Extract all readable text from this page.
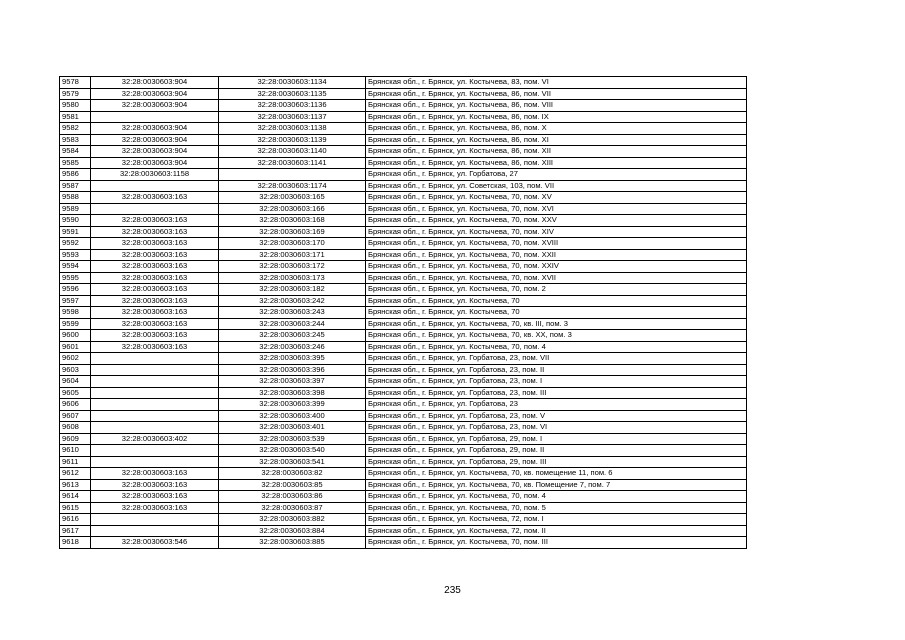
9578	32:28:0030603:904	32:28:0030603:1134	Брянская обл., г. Брянск, ул. Костычева, 83, пом. VI
9579	32:28:0030603:904	32:28:0030603:1135	Брянская обл., г. Брянск, ул. Костычева, 86, пом. VII
9580	32:28:0030603:904	32:28:0030603:1136	Брянская обл., г. Брянск, ул. Костычева, 86, пом. VIII
9581		32:28:0030603:1137	Брянская обл., г. Брянск, ул. Костычева, 86, пом. IX
9582	32:28:0030603:904	32:28:0030603:1138	Брянская обл., г. Брянск, ул. Костычева, 86, пом. X
9583	32:28:0030603:904	32:28:0030603:1139	Брянская обл., г. Брянск, ул. Костычева, 86, пом. XI
9584	32:28:0030603:904	32:28:0030603:1140	Брянская обл., г. Брянск, ул. Костычева, 86, пом. XII
9585	32:28:0030603:904	32:28:0030603:1141	Брянская обл., г. Брянск, ул. Костычева, 86, пом. XIII
9586	32:28:0030603:1158		Брянская обл., г. Брянск, ул. Горбатова, 27
9587		32:28:0030603:1174	Брянская обл., г. Брянск, ул. Советская, 103, пом. VII
9588	32:28:0030603:163	32:28:0030603:165	Брянская обл., г. Брянск, ул. Костычева, 70, пом. XV
9589		32:28:0030603:166	Брянская обл., г. Брянск, ул. Костычева, 70, пом. XVI
9590	32:28:0030603:163	32:28:0030603:168	Брянская обл., г. Брянск, ул. Костычева, 70, пом. XXV
9591	32:28:0030603:163	32:28:0030603:169	Брянская обл., г. Брянск, ул. Костычева, 70, пом. XIV
9592	32:28:0030603:163	32:28:0030603:170	Брянская обл., г. Брянск, ул. Костычева, 70, пом. XVIII
9593	32:28:0030603:163	32:28:0030603:171	Брянская обл., г. Брянск, ул. Костычева, 70, пом. XXII
9594	32:28:0030603:163	32:28:0030603:172	Брянская обл., г. Брянск, ул. Костычева, 70, пом. XXIV
9595	32:28:0030603:163	32:28:0030603:173	Брянская обл., г. Брянск, ул. Костычева, 70, пом. XVII
9596	32:28:0030603:163	32:28:0030603:182	Брянская обл., г. Брянск, ул. Костычева, 70, пом. 2
9597	32:28:0030603:163	32:28:0030603:242	Брянская обл., г. Брянск, ул. Костычева, 70
9598	32:28:0030603:163	32:28:0030603:243	Брянская обл., г. Брянск, ул. Костычева, 70
9599	32:28:0030603:163	32:28:0030603:244	Брянская обл., г. Брянск, ул. Костычева, 70, кв. III, пом. 3
9600	32:28:0030603:163	32:28:0030603:245	Брянская обл., г. Брянск, ул. Костычева, 70, кв. XX, пом. 3
9601	32:28:0030603:163	32:28:0030603:246	Брянская обл., г. Брянск, ул. Костычева, 70, пом. 4
9602		32:28:0030603:395	Брянская обл., г. Брянск, ул. Горбатова, 23, пом. VII
9603		32:28:0030603:396	Брянская обл., г. Брянск, ул. Горбатова, 23, пом. II
9604		32:28:0030603:397	Брянская обл., г. Брянск, ул. Горбатова, 23, пом. I
9605		32:28:0030603:398	Брянская обл., г. Брянск, ул. Горбатова, 23, пом. III
9606		32:28:0030603:399	Брянская обл., г. Брянск, ул. Горбатова, 23
9607		32:28:0030603:400	Брянская обл., г. Брянск, ул. Горбатова, 23, пом. V
9608		32:28:0030603:401	Брянская обл., г. Брянск, ул. Горбатова, 23, пом. VI
9609	32:28:0030603:402	32:28:0030603:539	Брянская обл., г. Брянск, ул. Горбатова, 29, пом. I
9610		32:28:0030603:540	Брянская обл., г. Брянск, ул. Горбатова, 29, пом. II
9611		32:28:0030603:541	Брянская обл., г. Брянск, ул. Горбатова, 29, пом. III
9612	32:28:0030603:163	32:28:0030603:82	Брянская обл., г. Брянск, ул. Костычева, 70, кв. помещение 11, пом. 6
9613	32:28:0030603:163	32:28:0030603:85	Брянская обл., г. Брянск, ул. Костычева, 70, кв. Помещение 7, пом. 7
9614	32:28:0030603:163	32:28:0030603:86	Брянская обл., г. Брянск, ул. Костычева, 70, пом. 4
9615	32:28:0030603:163	32:28:0030603:87	Брянская обл., г. Брянск, ул. Костычева, 70, пом. 5
9616		32:28:0030603:882	Брянская обл., г. Брянск, ул. Костычева, 72, пом. I
9617		32:28:0030603:884	Брянская обл., г. Брянск, ул. Костычева, 72, пом. II
9618	32:28:0030603:546	32:28:0030603:885	Брянская обл., г. Брянск, ул. Костычева, 70, пом. III
235
